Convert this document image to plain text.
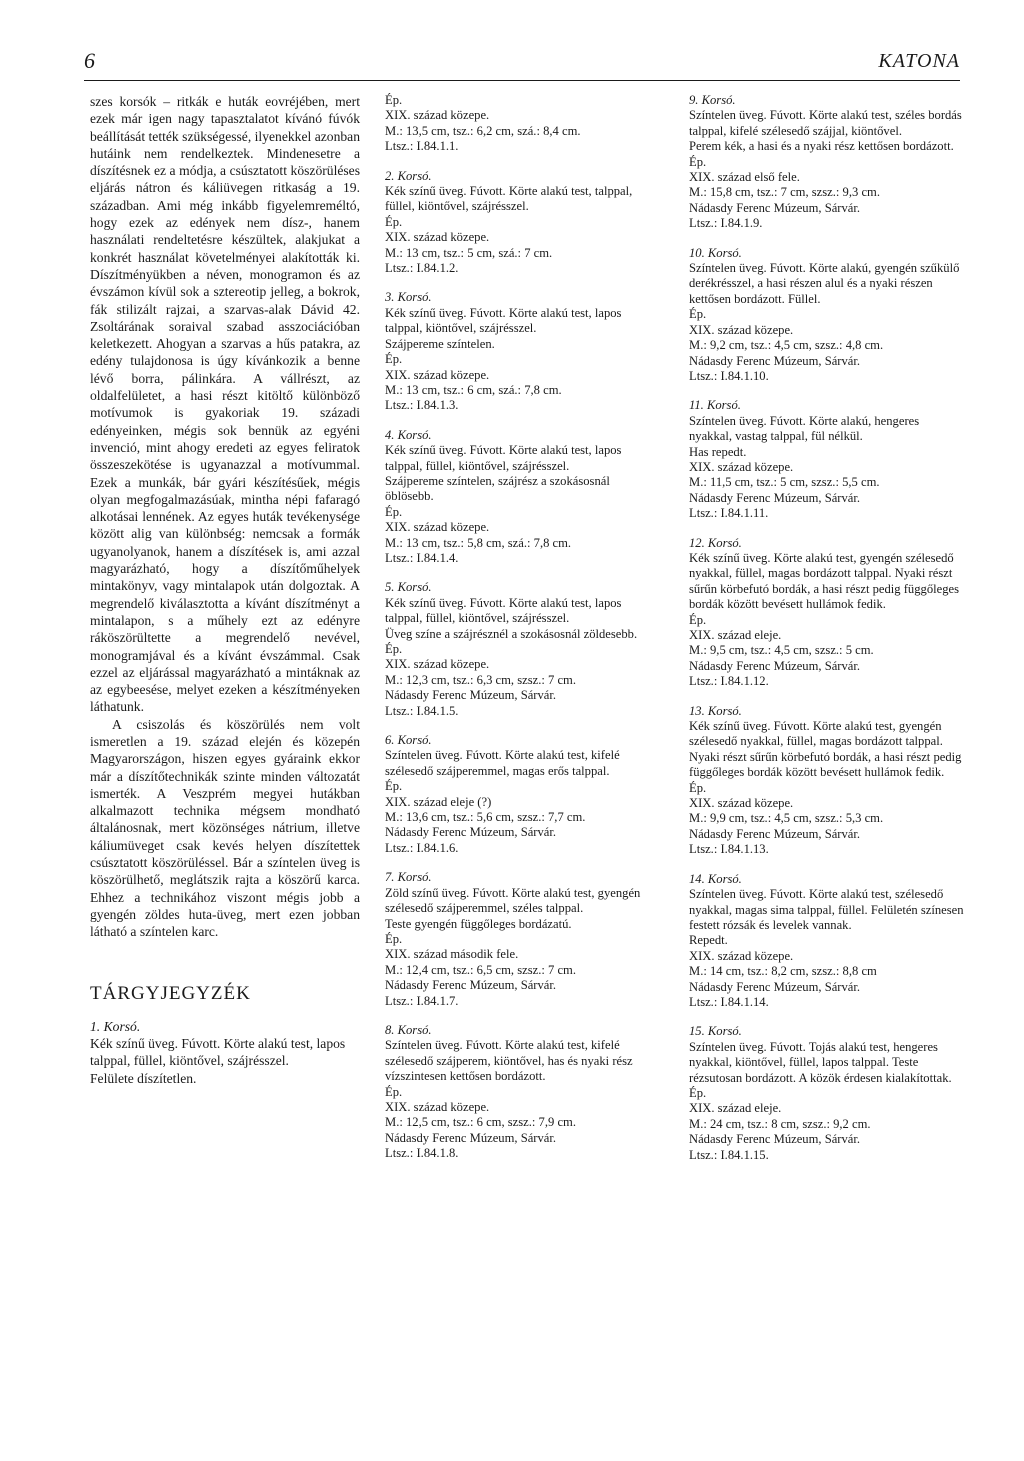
6	KATONA

szes korsók – ritkák e huták eovréjében, mert ezek már igen nagy tapasztalatot kívánó fúvók beállítását tették szükségessé, ilyenekkel azonban hutáink nem rendelkeztek. Mindenesetre a díszítésnek ez a módja, a csúsztatott köszörüléses eljárás nátron és káliüvegen ritkaság a 19. században. Ami még inkább figyelemreméltó, hogy ezek az edények nem dísz-, hanem használati rendeltetésre készültek, alakjukat a konkrét használat követelményei alakították ki. Díszítményükben a néven, monogramon és az évszámon kívül sok a sztereotip jelleg, a bokrok, fák stilizált rajzai, a szarvas-alak Dávid 42. Zsoltárának soraival szabad asszociációban keletkezett. Ahogyan a szarvas a hűs patakra, az edény tulajdonosa is úgy kívánkozik a benne lévő borra, pálinkára. A vállrészt, az oldalfelületet, a hasi részt kitöltő különböző motívumok is gyakoriak 19. századi edényeinken, mégis sok bennük az egyéni invenció, mint ahogy eredeti az egyes feliratok összeszekötése is ugyanazzal a motívummal. Ezek a munkák, bár gyári készítésűek, mégis olyan megfogalmazásúak, mintha népi fafaragó alkotásai lennének. Az egyes huták tevékenysége között alig van különbség: nemcsak a formák ugyanolyanok, hanem a díszítések is, ami azzal magyarázható, hogy a díszítőműhelyek mintakönyv, vagy mintalapok után dolgoztak. A megrendelő kiválasztotta a kívánt díszítményt a mintalapon, s a műhely ezt az edényre ráköszörültette a megrendelő nevével, monogramjával és a kívánt évszámmal. Csak ezzel az eljárással magyarázható a mintáknak az az egybeesése, melyet ezeken a készítményeken láthatunk.

A csiszolás és köszörülés nem volt ismeretlen a 19. század elején és közepén Magyarországon, hiszen egyes gyáraink ekkor már a díszítőtechnikák szinte minden változatát ismerték. A Veszprém megyei hutákban alkalmazott technika mégsem mondható általánosnak, mert közönséges nátrium, illetve káliumüveget csak kevés helyen díszítettek csúsztatott köszörüléssel. Bár a színtelen üveg is köszörülhető, meglátszik rajta a köszörű karca. Ehhez a technikához viszont mégis jobb a gyengén zöldes huta-üveg, mert ezen jobban látható a színtelen karc.

TÁRGYJEGYZÉK
1. Korsó.
Kék színű üveg. Fúvott. Körte alakú test, lapos talppal, füllel, kiöntővel, szájrésszel.
Felülete díszítetlen.
Ép.
XIX. század közepe.
M.: 13,5 cm, tsz.: 6,2 cm, szá.: 8,4 cm.
Ltsz.: I.84.1.1.
2. Korsó.
Kék színű üveg. Fúvott. Körte alakú test, talppal, füllel, kiöntővel, szájrésszel.
Ép.
XIX. század közepe.
M.: 13 cm, tsz.: 5 cm, szá.: 7 cm.
Ltsz.: I.84.1.2.
3. Korsó.
Kék színű üveg. Fúvott. Körte alakú test, lapos talppal, kiöntővel, szájrésszel.
Szájpereme színtelen.
Ép.
XIX. század közepe.
M.: 13 cm, tsz.: 6 cm, szá.: 7,8 cm.
Ltsz.: I.84.1.3.
4. Korsó.
Kék színű üveg. Fúvott. Körte alakú test, lapos talppal, füllel, kiöntővel, szájrésszel.
Szájpereme színtelen, szájrész a szokásosnál öblösebb.
Ép.
XIX. század közepe.
M.: 13 cm, tsz.: 5,8 cm, szá.: 7,8 cm.
Ltsz.: I.84.1.4.
5. Korsó.
Kék színű üveg. Fúvott. Körte alakú test, lapos talppal, füllel, kiöntővel, szájrésszel.
Üveg színe a szájrésznél a szokásosnál zöldesebb.
Ép.
XIX. század közepe.
M.: 12,3 cm, tsz.: 6,3 cm, szsz.: 7 cm.
Nádasdy Ferenc Múzeum, Sárvár.
Ltsz.: I.84.1.5.
6. Korsó.
Színtelen üveg. Fúvott. Körte alakú test, kifelé szélesedő szájperemmel, magas erős talppal.
Ép.
XIX. század eleje (?)
M.: 13,6 cm, tsz.: 5,6 cm, szsz.: 7,7 cm.
Nádasdy Ferenc Múzeum, Sárvár.
Ltsz.: I.84.1.6.
7. Korsó.
Zöld színű üveg. Fúvott. Körte alakú test, gyengén szélesedő szájperemmel, széles talppal.
Teste gyengén függőleges bordázatú.
Ép.
XIX. század második fele.
M.: 12,4 cm, tsz.: 6,5 cm, szsz.: 7 cm.
Nádasdy Ferenc Múzeum, Sárvár.
Ltsz.: I.84.1.7.
8. Korsó.
Színtelen üveg. Fúvott. Körte alakú test, kifelé szélesedő szájperem, kiöntővel, has és nyaki rész vízszintesen kettősen bordázott.
Ép.
XIX. század közepe.
M.: 12,5 cm, tsz.: 6 cm, szsz.: 7,9 cm.
Nádasdy Ferenc Múzeum, Sárvár.
Ltsz.: I.84.1.8.
9. Korsó.
Színtelen üveg. Fúvott. Körte alakú test, széles bordás talppal, kifelé szélesedő szájjal, kiöntővel.
Perem kék, a hasi és a nyaki rész kettősen bordázott.
Ép.
XIX. század első fele.
M.: 15,8 cm, tsz.: 7 cm, szsz.: 9,3 cm.
Nádasdy Ferenc Múzeum, Sárvár.
Ltsz.: I.84.1.9.
10. Korsó.
Színtelen üveg. Fúvott. Körte alakú, gyengén szűkülő derékrésszel, a hasi részen alul és a nyaki részen kettősen bordázott. Füllel.
Ép.
XIX. század közepe.
M.: 9,2 cm, tsz.: 4,5 cm, szsz.: 4,8 cm.
Nádasdy Ferenc Múzeum, Sárvár.
Ltsz.: I.84.1.10.
11. Korsó.
Színtelen üveg. Fúvott. Körte alakú, hengeres nyakkal, vastag talppal, fül nélkül.
Has repedt.
XIX. század közepe.
M.: 11,5 cm, tsz.: 5 cm, szsz.: 5,5 cm.
Nádasdy Ferenc Múzeum, Sárvár.
Ltsz.: I.84.1.11.
12. Korsó.
Kék színű üveg. Körte alakú test, gyengén szélesedő nyakkal, füllel, magas bordázott talppal. Nyaki részt sűrűn körbefutó bordák, a hasi részt pedig függőleges bordák között bevésett hullámok fedik.
Ép.
XIX. század eleje.
M.: 9,5 cm, tsz.: 4,5 cm, szsz.: 5 cm.
Nádasdy Ferenc Múzeum, Sárvár.
Ltsz.: I.84.1.12.
13. Korsó.
Kék színű üveg. Fúvott. Körte alakú test, gyengén szélesedő nyakkal, füllel, magas bordázott talppal. Nyaki részt sűrűn körbefutó bordák, a hasi részt pedig függőleges bordák között bevésett hullámok fedik.
Ép.
XIX. század közepe.
M.: 9,9 cm, tsz.: 4,5 cm, szsz.: 5,3 cm.
Nádasdy Ferenc Múzeum, Sárvár.
Ltsz.: I.84.1.13.
14. Korsó.
Színtelen üveg. Fúvott. Körte alakú test, szélesedő nyakkal, magas sima talppal, füllel. Felületén színesen festett rózsák és levelek vannak.
Repedt.
XIX. század közepe.
M.: 14 cm, tsz.: 8,2 cm, szsz.: 8,8 cm
Nádasdy Ferenc Múzeum, Sárvár.
Ltsz.: I.84.1.14.
15. Korsó.
Színtelen üveg. Fúvott. Tojás alakú test, hengeres nyakkal, kiöntővel, füllel, lapos talppal. Teste rézsutosan bordázott. A közök érdesen kialakítottak.
Ép.
XIX. század eleje.
M.: 24 cm, tsz.: 8 cm, szsz.: 9,2 cm.
Nádasdy Ferenc Múzeum, Sárvár.
Ltsz.: I.84.1.15.
